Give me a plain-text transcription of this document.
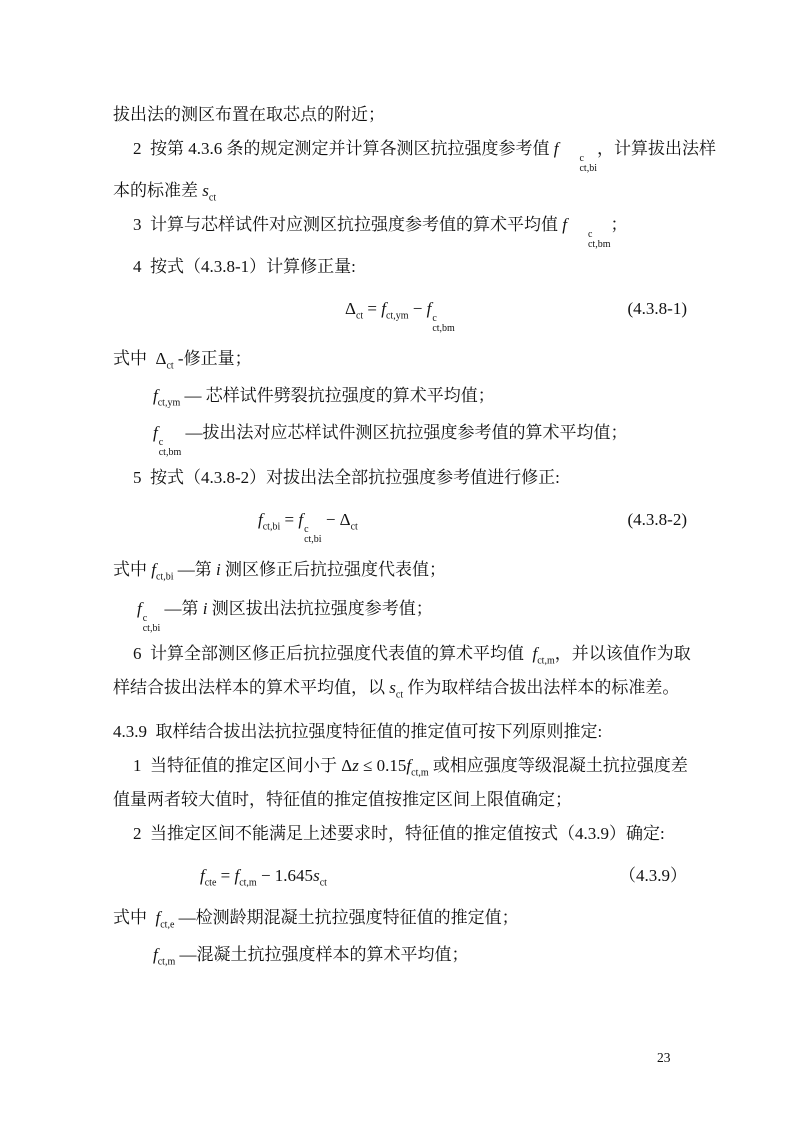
拔出法的测区布置在取芯点的附近；
2  按第 4.3.6 条的规定测定并计算各测区抗拉强度参考值 f
c
ct,bi
，计算拔出法样
本的标准差 $s_{ct}$
3  计算与芯样试件对应测区抗拉强度参考值的算术平均值 f
c
ct,bm
；
4  按式（4.3.8-1）计算修正量:
$\Delta_{ct} = f_{ct,ym} - f$
c
ct,bm
(4.3.8-1)
式中  $\Delta_{ct}$ -修正量；
$f_{ct,ym}$ — 芯样试件劈裂抗拉强度的算术平均值；
f
c
ct,bm
—拔出法对应芯样试件测区抗拉强度参考值的算术平均值；
5  按式（4.3.8-2）对拔出法全部抗拉强度参考值进行修正:
$f_{ct,bi} = f$
c
ct,bi
− $\Delta_{ct}$	(4.3.8-2)
式中 $f_{ct,bi}$ —第 i 测区修正后抗拉强度代表值；
f
c
ct,bi
—第 i 测区拔出法抗拉强度参考值；
6  计算全部测区修正后抗拉强度代表值的算术平均值  $f_{ct,m}$，并以该值作为取
样结合拔出法样本的算术平均值，以 $s_{ct}$ 作为取样结合拔出法样本的标准差。
4.3.9  取样结合拔出法抗拉强度特征值的推定值可按下列原则推定:
1  当特征值的推定区间小于 $\Delta z \le 0.15f_{ct,m}$ 或相应强度等级混凝土抗拉强度差
值量两者较大值时，特征值的推定值按推定区间上限值确定；
2  当推定区间不能满足上述要求时，特征值的推定值按式（4.3.9）确定:
$f_{cte} = f_{ct,m} - 1.645s_{ct}$	（4.3.9）
式中  $f_{ct,e}$ —检测龄期混凝土抗拉强度特征值的推定值；
$f_{ct,m}$ —混凝土抗拉强度样本的算术平均值；
23
